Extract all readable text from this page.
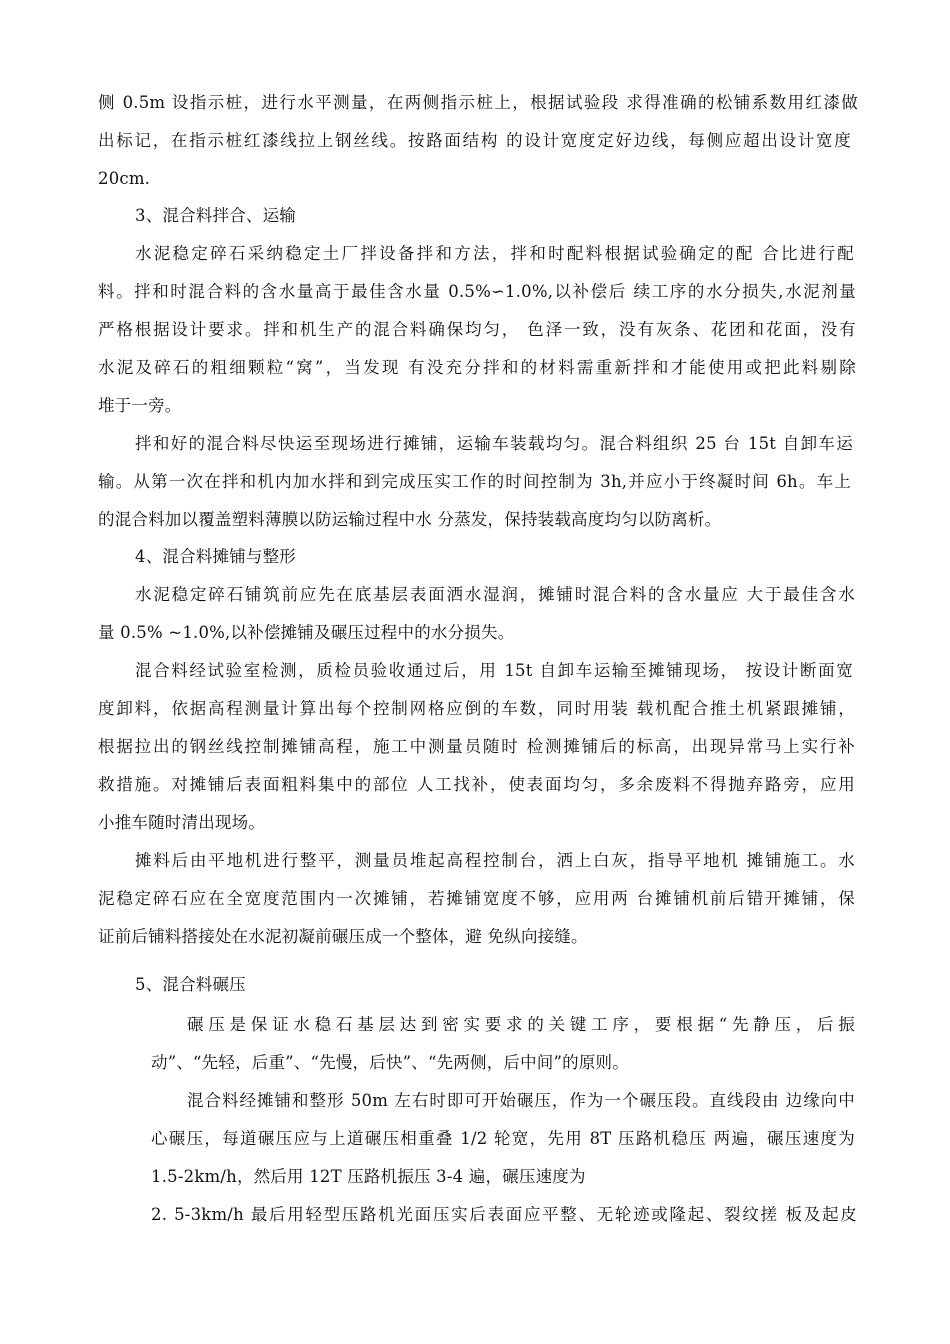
侧 0.5m 设指示桩，进行水平测量，在两侧指示桩上，根据试验段 求得准确的松铺系数用红漆做
出标记，在指示桩红漆线拉上钢丝线。按路面结构 的设计宽度定好边线，每侧应超出设计宽度
20cm.
3、混合料拌合、运输
水泥稳定碎石采纳稳定土厂拌设备拌和方法，拌和时配料根据试验确定的配 合比进行配
料。拌和时混合料的含水量高于最佳含水量 0.5%∽1.0%,以补偿后 续工序的水分损失,水泥剂量
严格根据设计要求。拌和机生产的混合料确保均匀， 色泽一致，没有灰条、花团和花面，没有
水泥及碎石的粗细颗粒“窝”，当发现 有没充分拌和的材料需重新拌和才能使用或把此料剔除
堆于一旁。
拌和好的混合料尽快运至现场进行摊铺，运输车装载均匀。混合料组织 25 台 15t 自卸车运
输。从第一次在拌和机内加水拌和到完成压实工作的时间控制为 3h,并应小于终凝时间 6h。车上
的混合料加以覆盖塑料薄膜以防运输过程中水 分蒸发，保持装载高度均匀以防离析。
4、混合料摊铺与整形
水泥稳定碎石铺筑前应先在底基层表面洒水湿润，摊铺时混合料的含水量应 大于最佳含水
量 0.5% ~1.0%,以补偿摊铺及碾压过程中的水分损失。
混合料经试验室检测，质检员验收通过后，用 15t 自卸车运输至摊铺现场， 按设计断面宽
度卸料，依据高程测量计算出每个控制网格应倒的车数，同时用装 载机配合推土机紧跟摊铺，
根据拉出的钢丝线控制摊铺高程，施工中测量员随时 检测摊铺后的标高，出现异常马上实行补
救措施。对摊铺后表面粗料集中的部位 人工找补，使表面均匀，多余废料不得抛弃路旁，应用
小推车随时清出现场。
摊料后由平地机进行整平，测量员堆起高程控制台，洒上白灰，指导平地机 摊铺施工。水
泥稳定碎石应在全宽度范围内一次摊铺，若摊铺宽度不够，应用两 台摊铺机前后错开摊铺，保
证前后铺料搭接处在水泥初凝前碾压成一个整体，避 免纵向接缝。
5、混合料碾压
碾压是保证水稳石基层达到密实要求的关键工序，要根据“先静压，后振
动”、“先轻，后重”、“先慢，后快”、“先两侧，后中间”的原则。
混合料经摊铺和整形 50m 左右时即可开始碾压，作为一个碾压段。直线段由 边缘向中
心碾压，每道碾压应与上道碾压相重叠 1/2 轮宽，先用 8T 压路机稳压 两遍，碾压速度为
1.5-2km/h，然后用 12T 压路机振压 3-4 遍，碾压速度为
2. 5-3km/h 最后用轻型压路机光面压实后表面应平整、无轮迹或隆起、裂纹搓 板及起皮
